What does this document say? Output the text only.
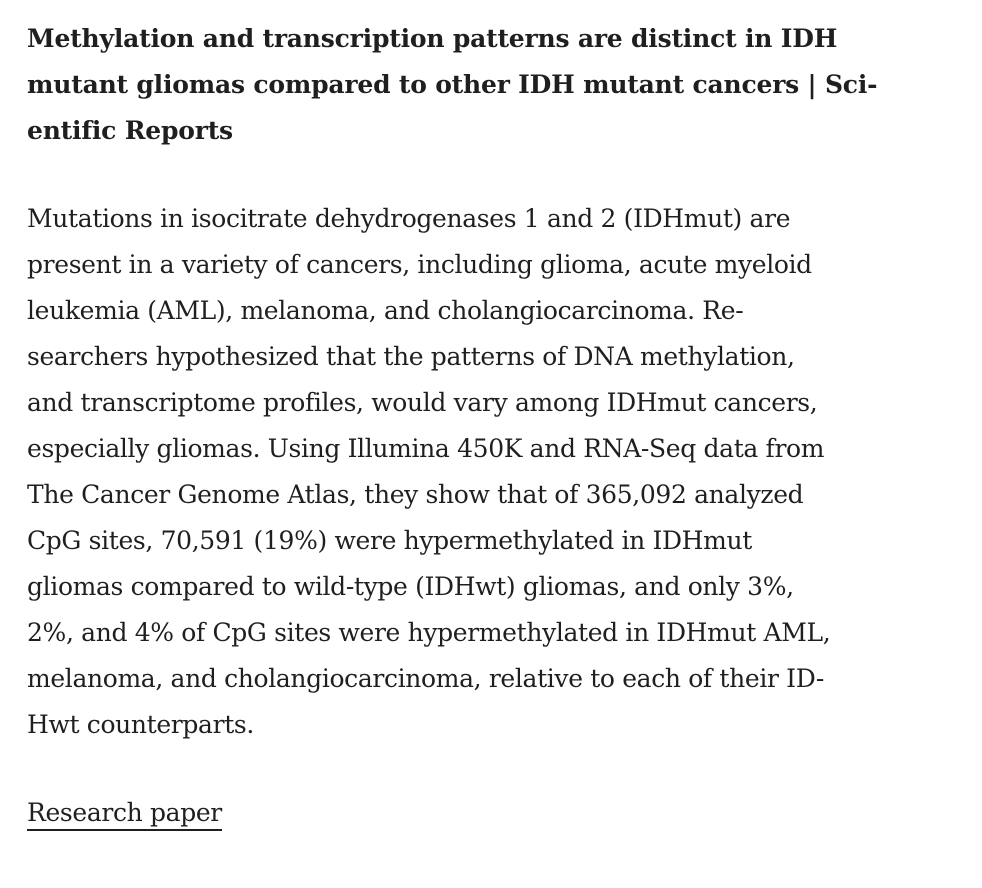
Methylation and transcription patterns are distinct in IDH
mutant gliomas compared to other IDH mutant cancers | Sci-
entific Reports

Mutations in isocitrate dehydrogenases 1 and 2 (IDHmut) are
present in a variety of cancers, including glioma, acute myeloid
leukemia (AML), melanoma, and cholangiocarcinoma. Re-
searchers hypothesized that the patterns of DNA methylation,
and transcriptome profiles, would vary among IDHmut cancers,
especially gliomas. Using Illumina 450K and RNA-Seq data from
The Cancer Genome Atlas, they show that of 365,092 analyzed
CpG sites, 70,591 (19%) were hypermethylated in IDHmut
gliomas compared to wild-type (IDHwt) gliomas, and only 3%,
2%, and 4% of CpG sites were hypermethylated in IDHmut AML,
melanoma, and cholangiocarcinoma, relative to each of their ID-
Hwt counterparts.

Research paper
